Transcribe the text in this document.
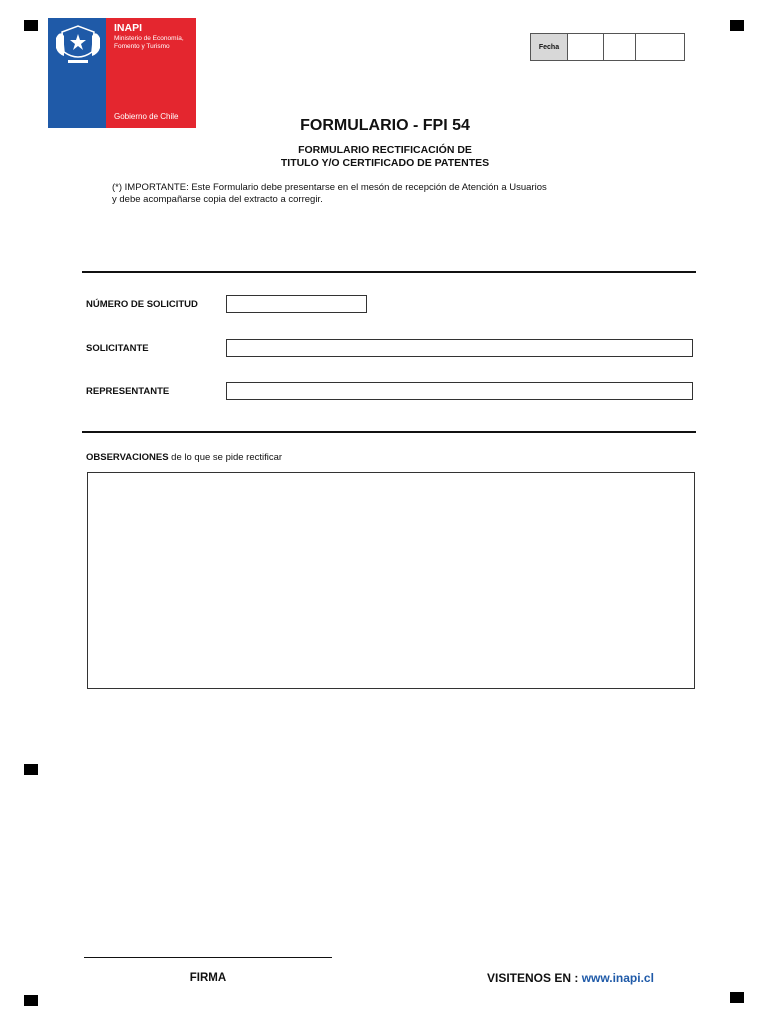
INAPI
Ministerio de Economía, Fomento y Turismo
Gobierno de Chile
Fecha
FORMULARIO - FPI 54
FORMULARIO RECTIFICACIÓN DE
TITULO Y/O CERTIFICADO DE PATENTES
(*) IMPORTANTE: Este Formulario debe presentarse en el mesón de recepción de Atención a Usuarios
y debe acompañarse copia del extracto a corregir.
NÚMERO DE SOLICITUD
SOLICITANTE
REPRESENTANTE
OBSERVACIONES de lo que se pide rectificar
FIRMA	VISITENOS EN : www.inapi.cl
